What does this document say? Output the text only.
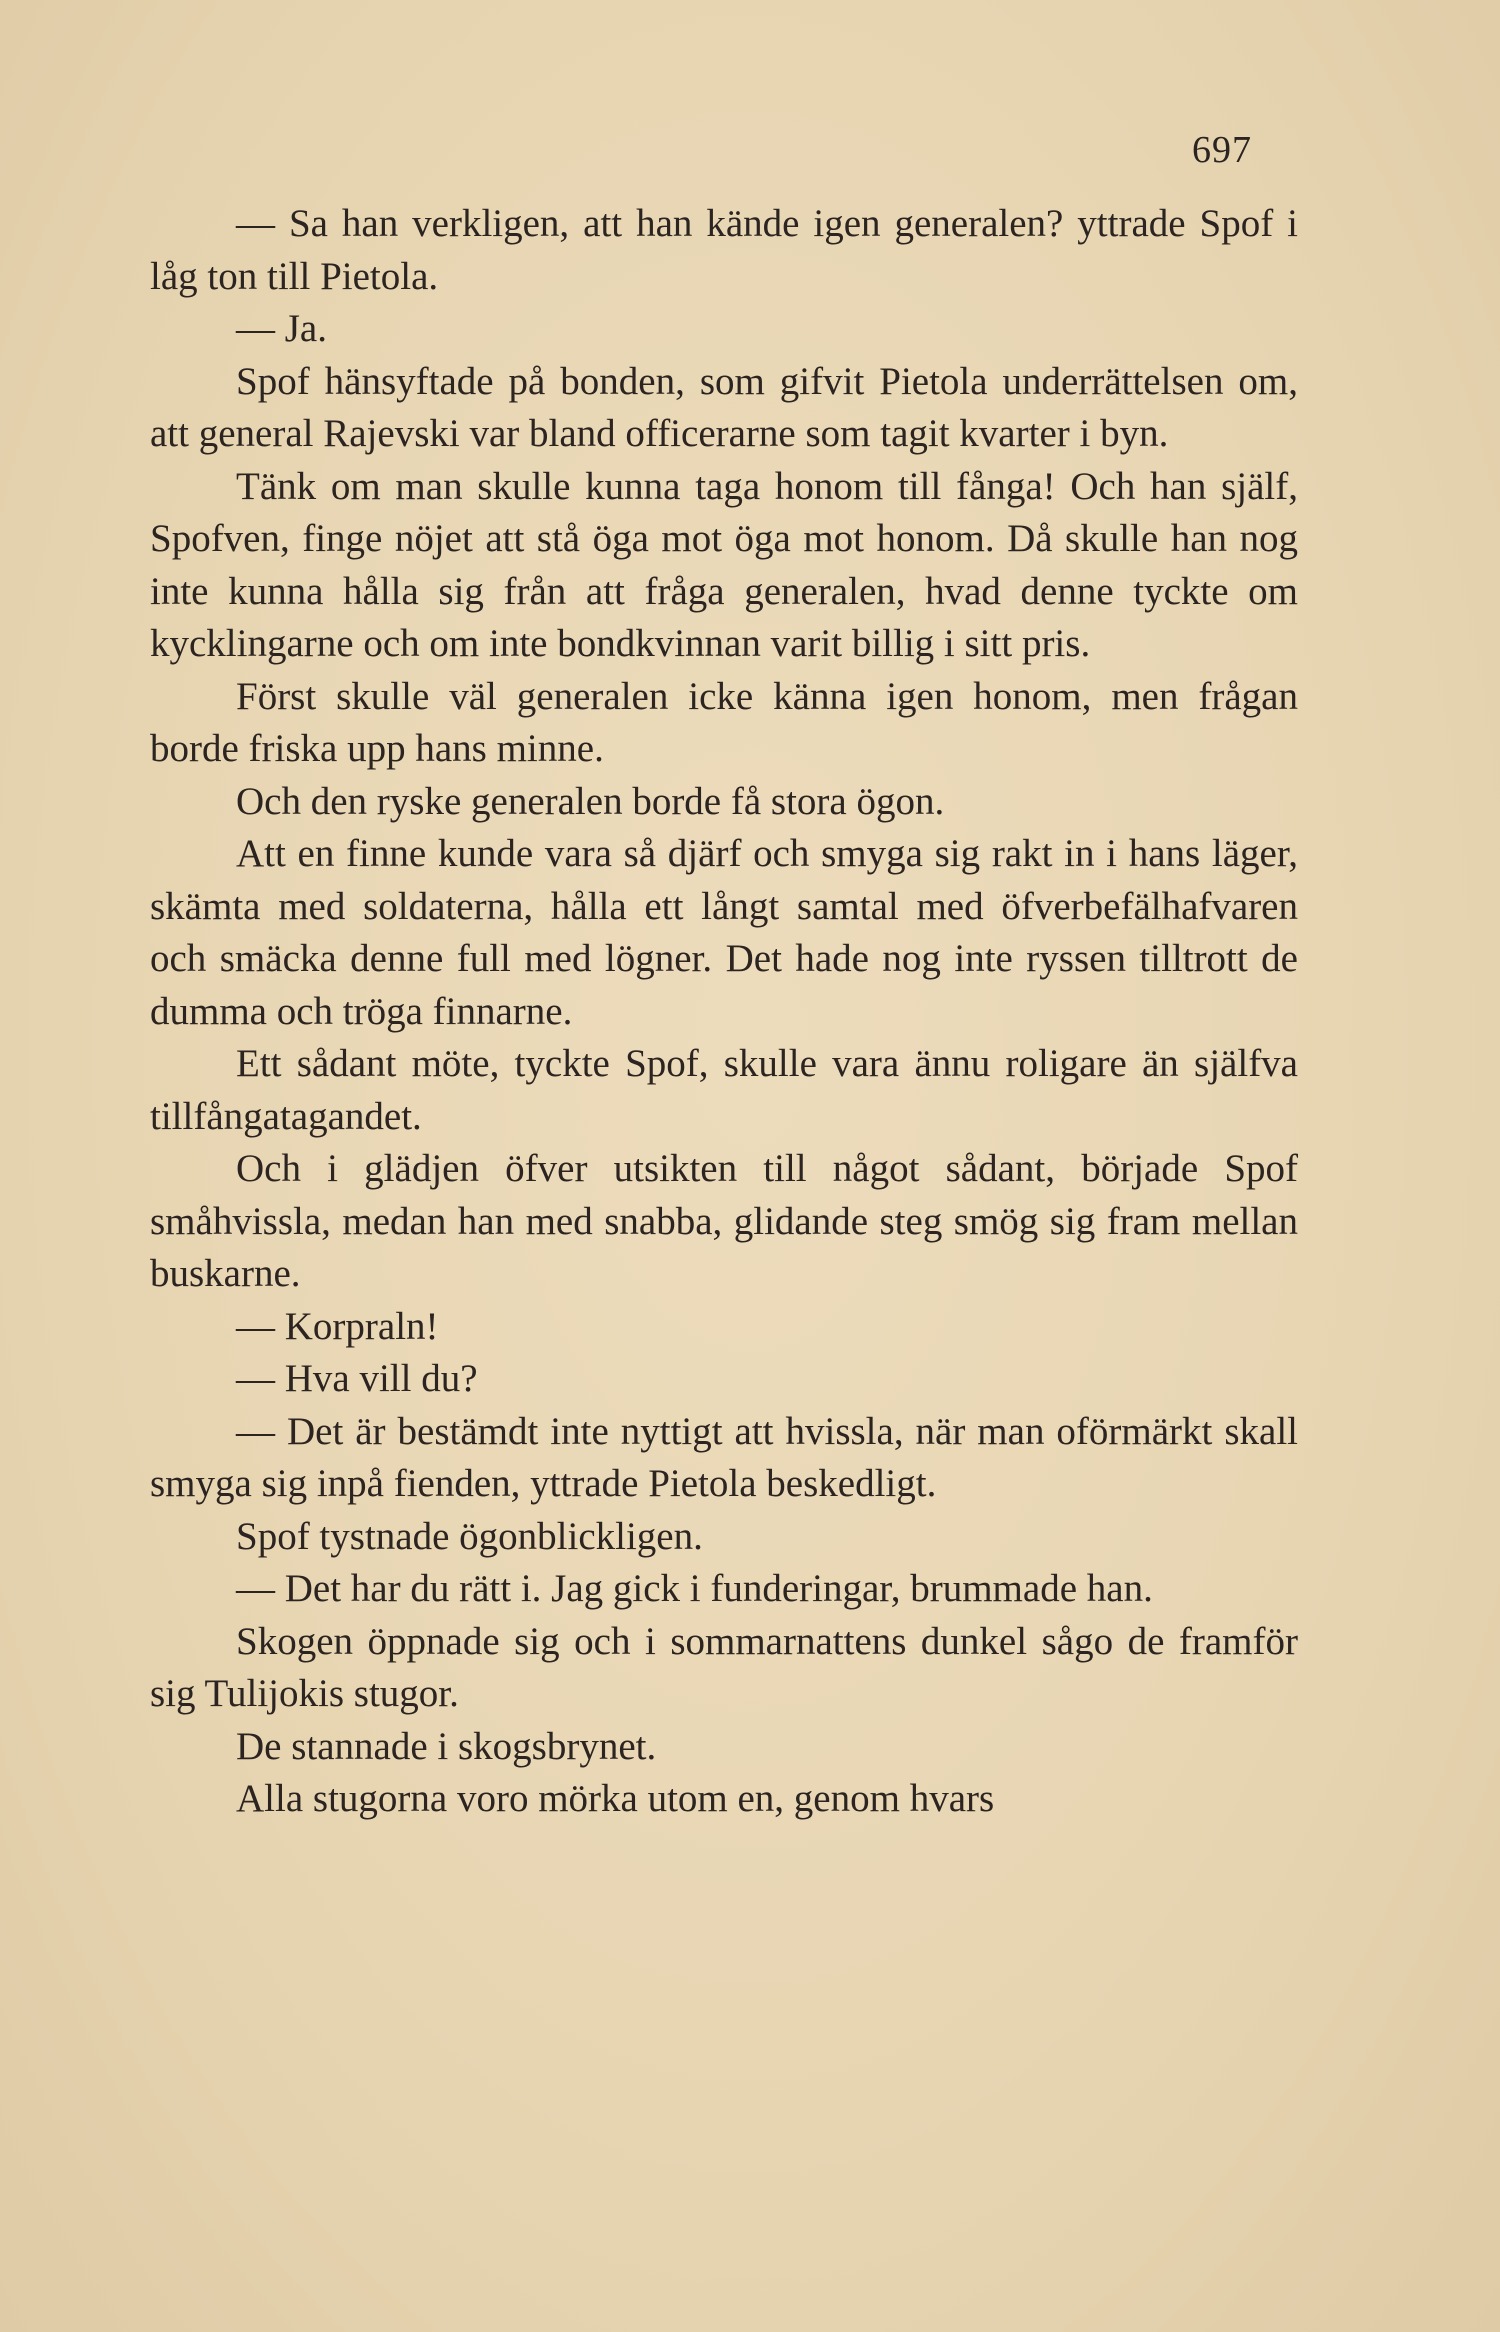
697

— Sa han verkligen, att han kände igen generalen? yttrade Spof i låg ton till Pietola.

— Ja.

Spof hänsyftade på bonden, som gifvit Pietola underrättelsen om, att general Rajevski var bland officerarne som tagit kvarter i byn.

Tänk om man skulle kunna taga honom till fånga! Och han själf, Spofven, finge nöjet att stå öga mot öga mot honom. Då skulle han nog inte kunna hålla sig från att fråga generalen, hvad denne tyckte om kycklingarne och om inte bondkvinnan varit billig i sitt pris.

Först skulle väl generalen icke känna igen honom, men frågan borde friska upp hans minne.

Och den ryske generalen borde få stora ögon.

Att en finne kunde vara så djärf och smyga sig rakt in i hans läger, skämta med soldaterna, hålla ett långt samtal med öfverbefälhafvaren och smäcka denne full med lögner. Det hade nog inte ryssen tilltrott de dumma och tröga finnarne.

Ett sådant möte, tyckte Spof, skulle vara ännu roligare än själfva tillfångatagandet.

Och i glädjen öfver utsikten till något sådant, började Spof småhvissla, medan han med snabba, glidande steg smög sig fram mellan buskarne.

— Korpraln!

— Hva vill du?

— Det är bestämdt inte nyttigt att hvissla, när man oförmärkt skall smyga sig inpå fienden, yttrade Pietola beskedligt.

Spof tystnade ögonblickligen.

— Det har du rätt i. Jag gick i funderingar, brummade han.

Skogen öppnade sig och i sommarnattens dunkel sågo de framför sig Tulijokis stugor.

De stannade i skogsbrynet.

Alla stugorna voro mörka utom en, genom hvars
